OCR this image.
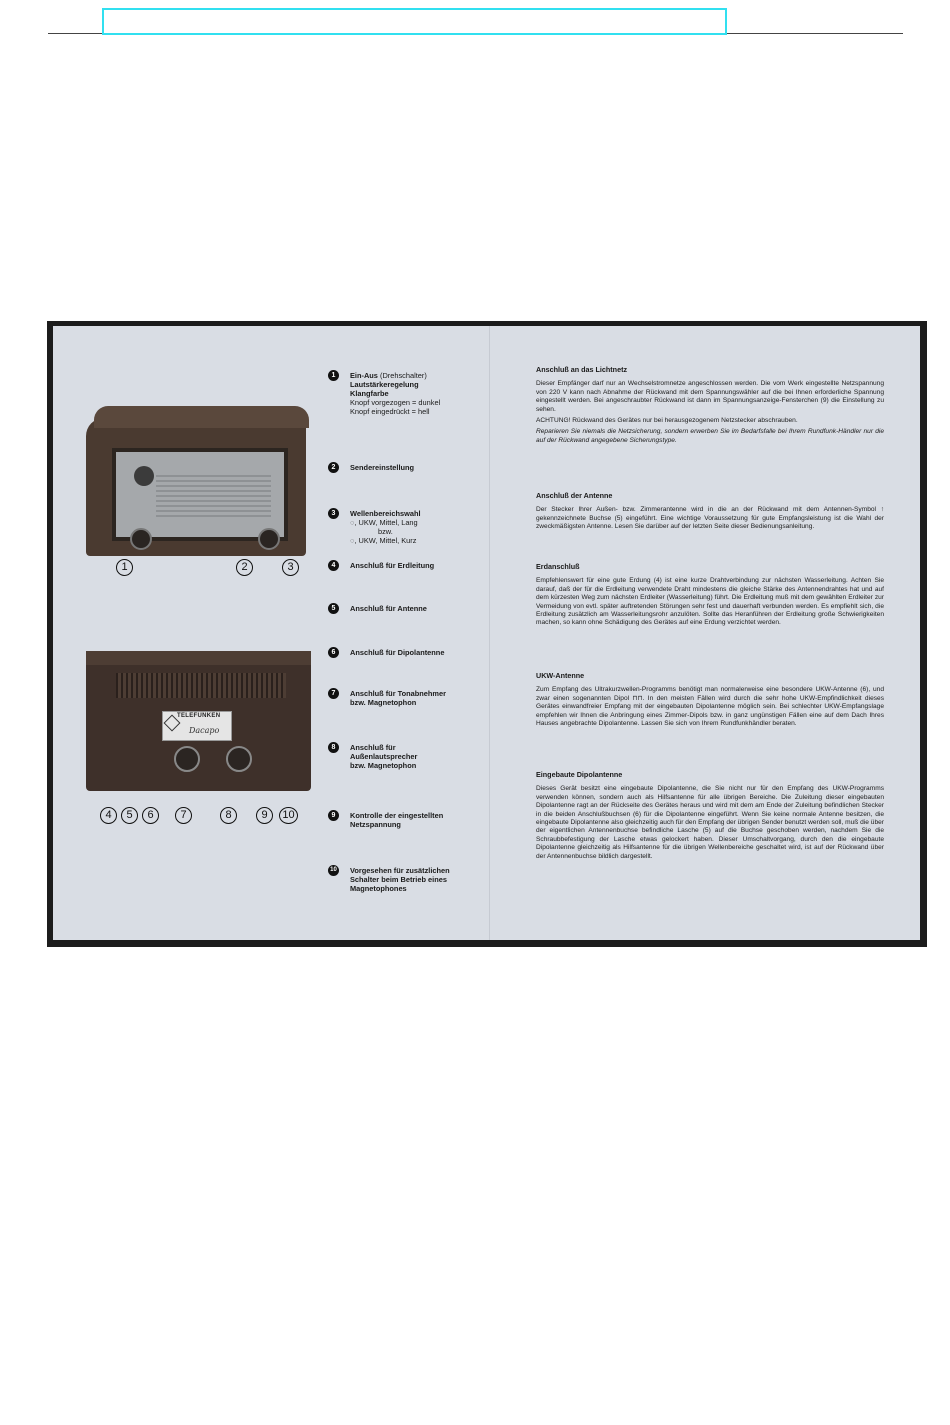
1	2	3
TELEFUNKEN
Dacapo
4	5	6	7	8	9	10
1	Ein-Aus (Drehschalter)
Lautstärkeregelung
Klangfarbe
Knopf vorgezogen = dunkel
Knopf eingedrückt = hell
2	Sendereinstellung
3	Wellenbereichswahl
◌, UKW, Mittel, Lang
bzw.
◌, UKW, Mittel, Kurz
4	Anschluß für Erdleitung
5	Anschluß für Antenne
6	Anschluß für Dipolantenne
7	Anschluß für Tonabnehmer
bzw. Magnetophon
8	Anschluß für
Außenlautsprecher
bzw. Magnetophon
9	Kontrolle der eingestellten
Netzspannung
10 Vorgesehen für zusätzlichen
Schalter beim Betrieb eines
Magnetophones
Anschluß an das Lichtnetz

Dieser Empfänger darf nur an Wechselstromnetze angeschlossen werden. Die vom Werk eingestellte Netzspannung von 220 V kann nach Abnahme der Rückwand mit dem Spannungswähler auf die bei Ihnen erforderliche Spannung eingestellt werden. Bei angeschraubter Rückwand ist dann im Spannungsanzeige-Fensterchen (9) die Einstellung zu sehen.

ACHTUNG! Rückwand des Gerätes nur bei herausgezogenem Netzstecker abschrauben.

Reparieren Sie niemals die Netzsicherung, sondern erwerben Sie im Bedarfsfalle bei Ihrem Rundfunk-Händler nur die auf der Rückwand angegebene Sicherungstype.

Anschluß der Antenne

Der Stecker Ihrer Außen- bzw. Zimmerantenne wird in die an der Rückwand mit dem Antennen-Symbol ↑ gekennzeichnete Buchse (5) eingeführt. Eine wichtige Voraussetzung für gute Empfangsleistung ist die Wahl der zweckmäßigsten Antenne. Lesen Sie darüber auf der letzten Seite dieser Bedienungsanleitung.

Erdanschluß

Empfehlenswert für eine gute Erdung (4) ist eine kurze Drahtverbindung zur nächsten Wasserleitung. Achten Sie darauf, daß der für die Erdleitung verwendete Draht mindestens die gleiche Stärke des Antennendrahtes hat und auf dem kürzesten Weg zum nächsten Erdleiter (Wasserleitung) führt. Die Erdleitung muß mit dem gewählten Erdleiter zur Vermeidung von evtl. später auftretenden Störungen sehr fest und dauerhaft verbunden werden. Es empfiehlt sich, die Erdleitung zusätzlich am Wasserleitungsrohr anzulöten. Sollte das Heranführen der Erdleitung große Schwierigkeiten machen, so kann ohne Schädigung des Gerätes auf eine Erdung verzichtet werden.

UKW-Antenne

Zum Empfang des Ultrakurzwellen-Programms benötigt man normalerweise eine besondere UKW-Antenne (6), und zwar einen sogenannten Dipol ⊓⊓. In den meisten Fällen wird durch die sehr hohe UKW-Empfindlichkeit dieses Gerätes einwandfreier Empfang mit der eingebauten Dipolantenne möglich sein. Bei schlechter UKW-Empfangslage empfehlen wir Ihnen die Anbringung eines Zimmer-Dipols bzw. in ganz ungünstigen Fällen eine auf dem Dach Ihres Hauses angebrachte Dipolantenne. Lassen Sie sich von Ihrem Rundfunkhändler beraten.

Eingebaute Dipolantenne

Dieses Gerät besitzt eine eingebaute Dipolantenne, die Sie nicht nur für den Empfang des UKW-Programms verwenden können, sondern auch als Hilfsantenne für alle übrigen Bereiche. Die Zuleitung dieser eingebauten Dipolantenne ragt an der Rückseite des Gerätes heraus und wird mit dem am Ende der Zuleitung befindlichen Stecker in die beiden Anschlußbuchsen (6) für die Dipolantenne eingeführt. Wenn Sie keine normale Antenne besitzen, die eingebaute Dipolantenne also gleichzeitig auch für den Empfang der übrigen Sender benutzt werden soll, muß die über der eigentlichen Antennenbuchse befindliche Lasche (5) auf die Buchse geschoben werden, nachdem Sie die Schraubbefestigung der Lasche etwas gelockert haben. Dieser Umschaltvorgang, durch den die eingebaute Dipolantenne gleichzeitig als Hilfsantenne für die übrigen Wellenbereiche geschaltet wird, ist auf der Rückwand über der Antennenbuchse bildlich dargestellt.
